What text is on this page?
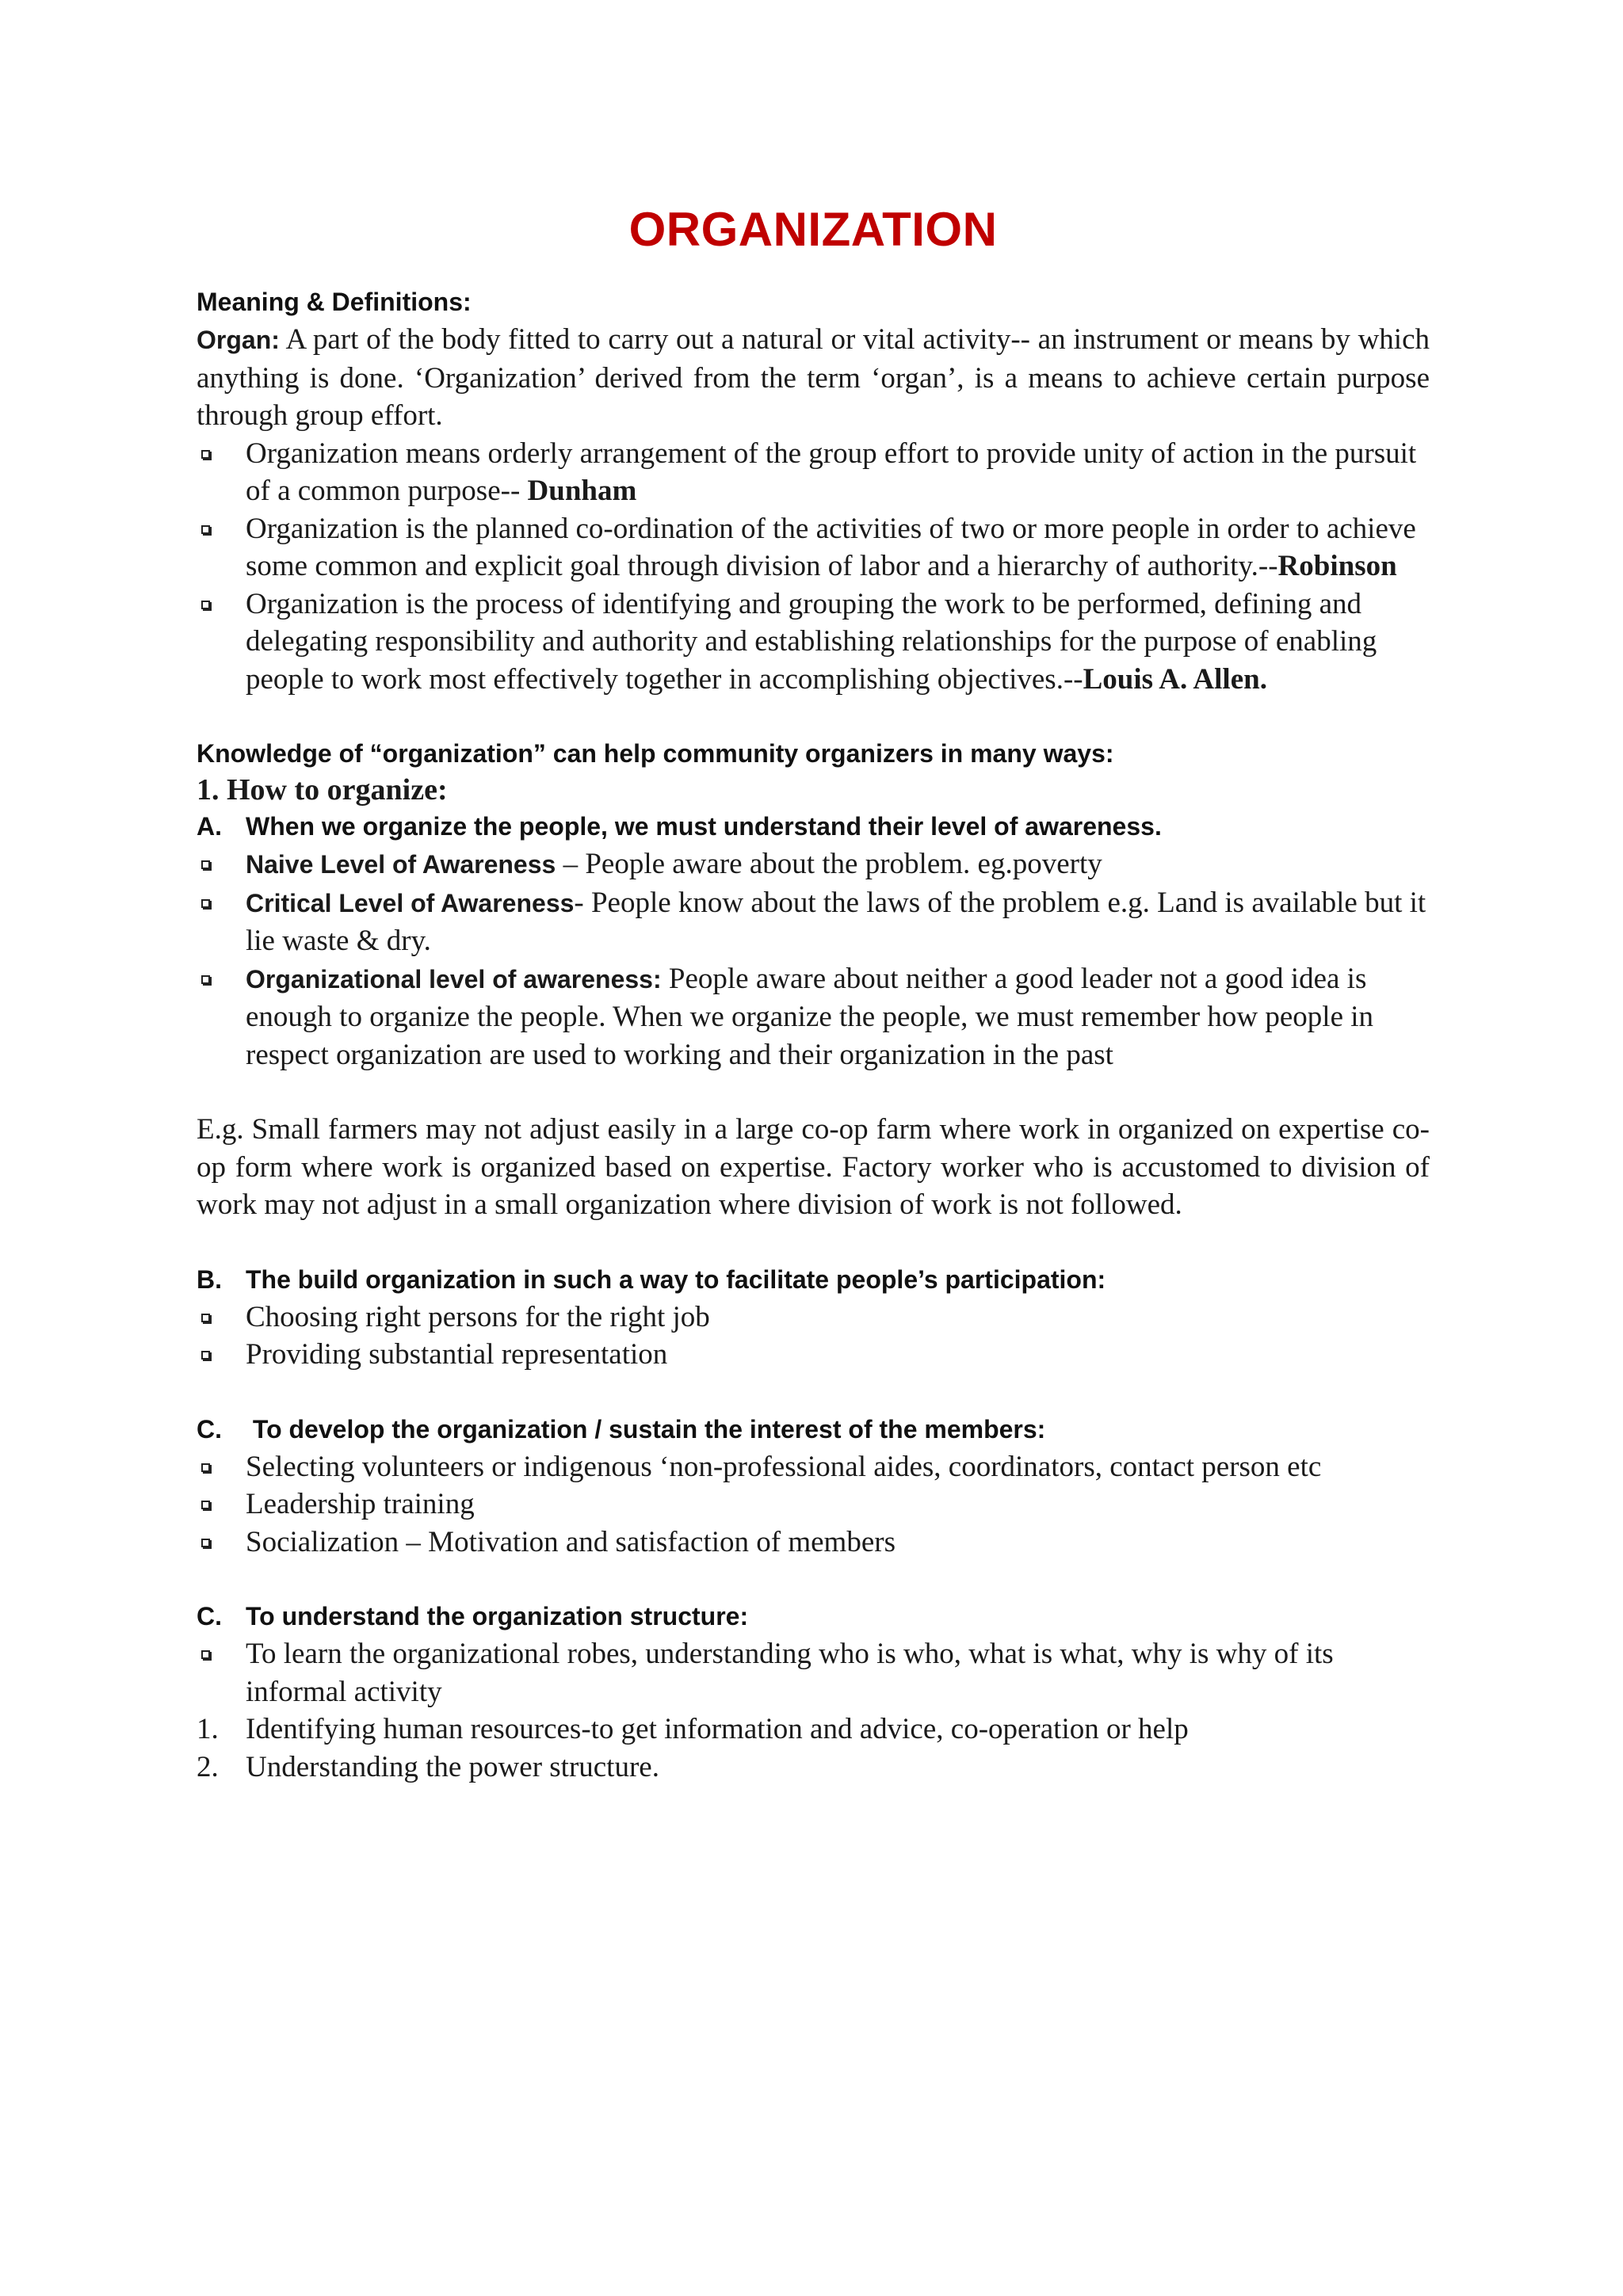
ORGANIZATION
Meaning & Definitions:
Organ: A part of the body fitted to carry out a natural or vital activity-- an instrument or means by which anything is done. ‘Organization’ derived from the term ‘organ’, is a means to achieve certain purpose through group effort.
Organization means orderly arrangement of the group effort to provide unity of action in the pursuit of a common purpose-- Dunham
Organization is the planned co-ordination of the activities of two or more people in order to achieve some common and explicit goal through division of labor and a hierarchy of authority.--Robinson
Organization is the process of identifying and grouping the work to be performed, defining and delegating responsibility and authority and establishing relationships for the purpose of enabling people to work most effectively together in accomplishing objectives.--Louis A. Allen.
Knowledge of “organization” can help community organizers in many ways:
1. How to organize:
A. When we organize the people, we must understand their level of awareness.
Naive Level of Awareness – People aware about the problem. eg.poverty
Critical Level of Awareness- People know about the laws of the problem e.g. Land is available but it lie waste & dry.
Organizational level of awareness: People aware about neither a good leader not a good idea is enough to organize the people. When we organize the people, we must remember how people in respect organization are used to working and their organization in the past
E.g. Small farmers may not adjust easily in a large co-op farm where work in organized on expertise co-op form where work is organized based on expertise. Factory worker who is accustomed to division of work may not adjust in a small organization where division of work is not followed.
B. The build organization in such a way to facilitate people’s participation:
Choosing right persons for the right job
Providing substantial representation
C. To develop the organization / sustain the interest of the members:
Selecting volunteers or indigenous ‘non-professional aides, coordinators, contact person etc
Leadership training
Socialization – Motivation and satisfaction of members
C. To understand the organization structure:
To learn the organizational robes, understanding who is who, what is what, why is why of its informal activity
1. Identifying human resources-to get information and advice, co-operation or help
2. Understanding the power structure.
